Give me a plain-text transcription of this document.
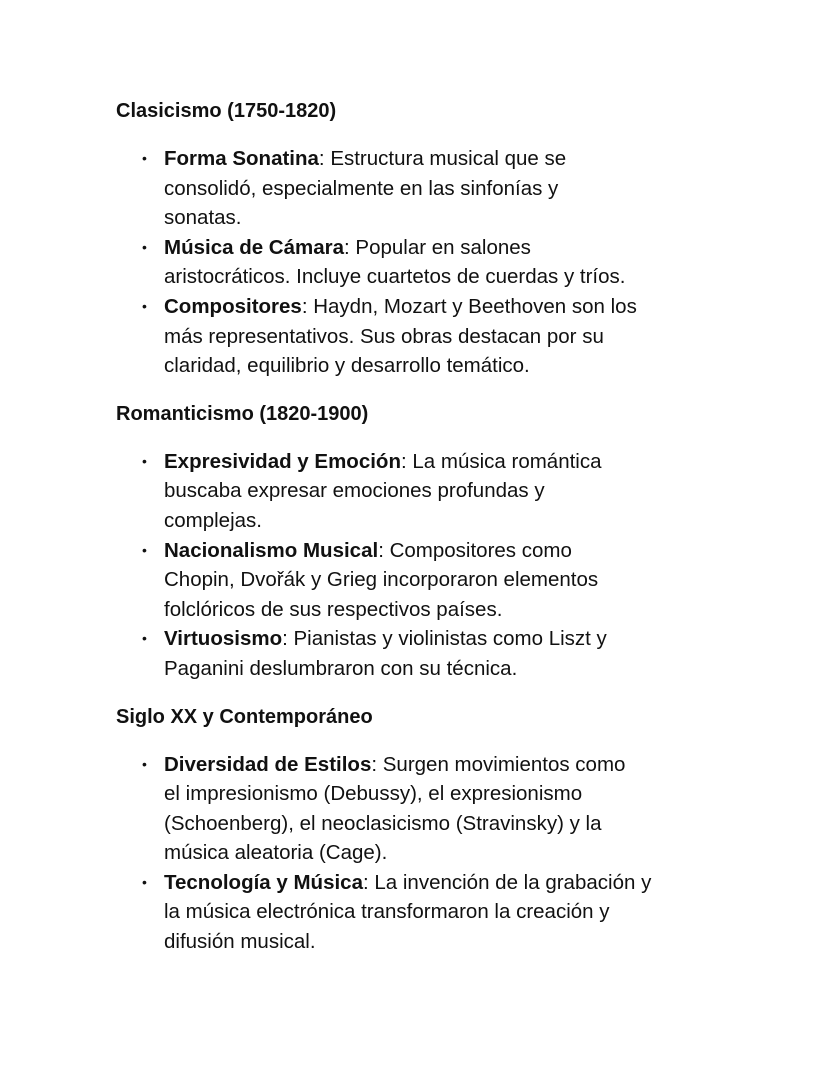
Clasicismo (1750-1820)
• Forma Sonatina: Estructura musical que se
consolidó, especialmente en las sinfonías y
sonatas.
• Música de Cámara: Popular en salones
aristocráticos. Incluye cuartetos de cuerdas y tríos.
• Compositores: Haydn, Mozart y Beethoven son los
más representativos. Sus obras destacan por su
claridad, equilibrio y desarrollo temático.
Romanticismo (1820-1900)
• Expresividad y Emoción: La música romántica
buscaba expresar emociones profundas y
complejas.
• Nacionalismo Musical: Compositores como
Chopin, Dvořák y Grieg incorporaron elementos
folclóricos de sus respectivos países.
• Virtuosismo: Pianistas y violinistas como Liszt y
Paganini deslumbraron con su técnica.
Siglo XX y Contemporáneo
• Diversidad de Estilos: Surgen movimientos como
el impresionismo (Debussy), el expresionismo
(Schoenberg), el neoclasicismo (Stravinsky) y la
música aleatoria (Cage).
• Tecnología y Música: La invención de la grabación y
la música electrónica transformaron la creación y
difusión musical.
